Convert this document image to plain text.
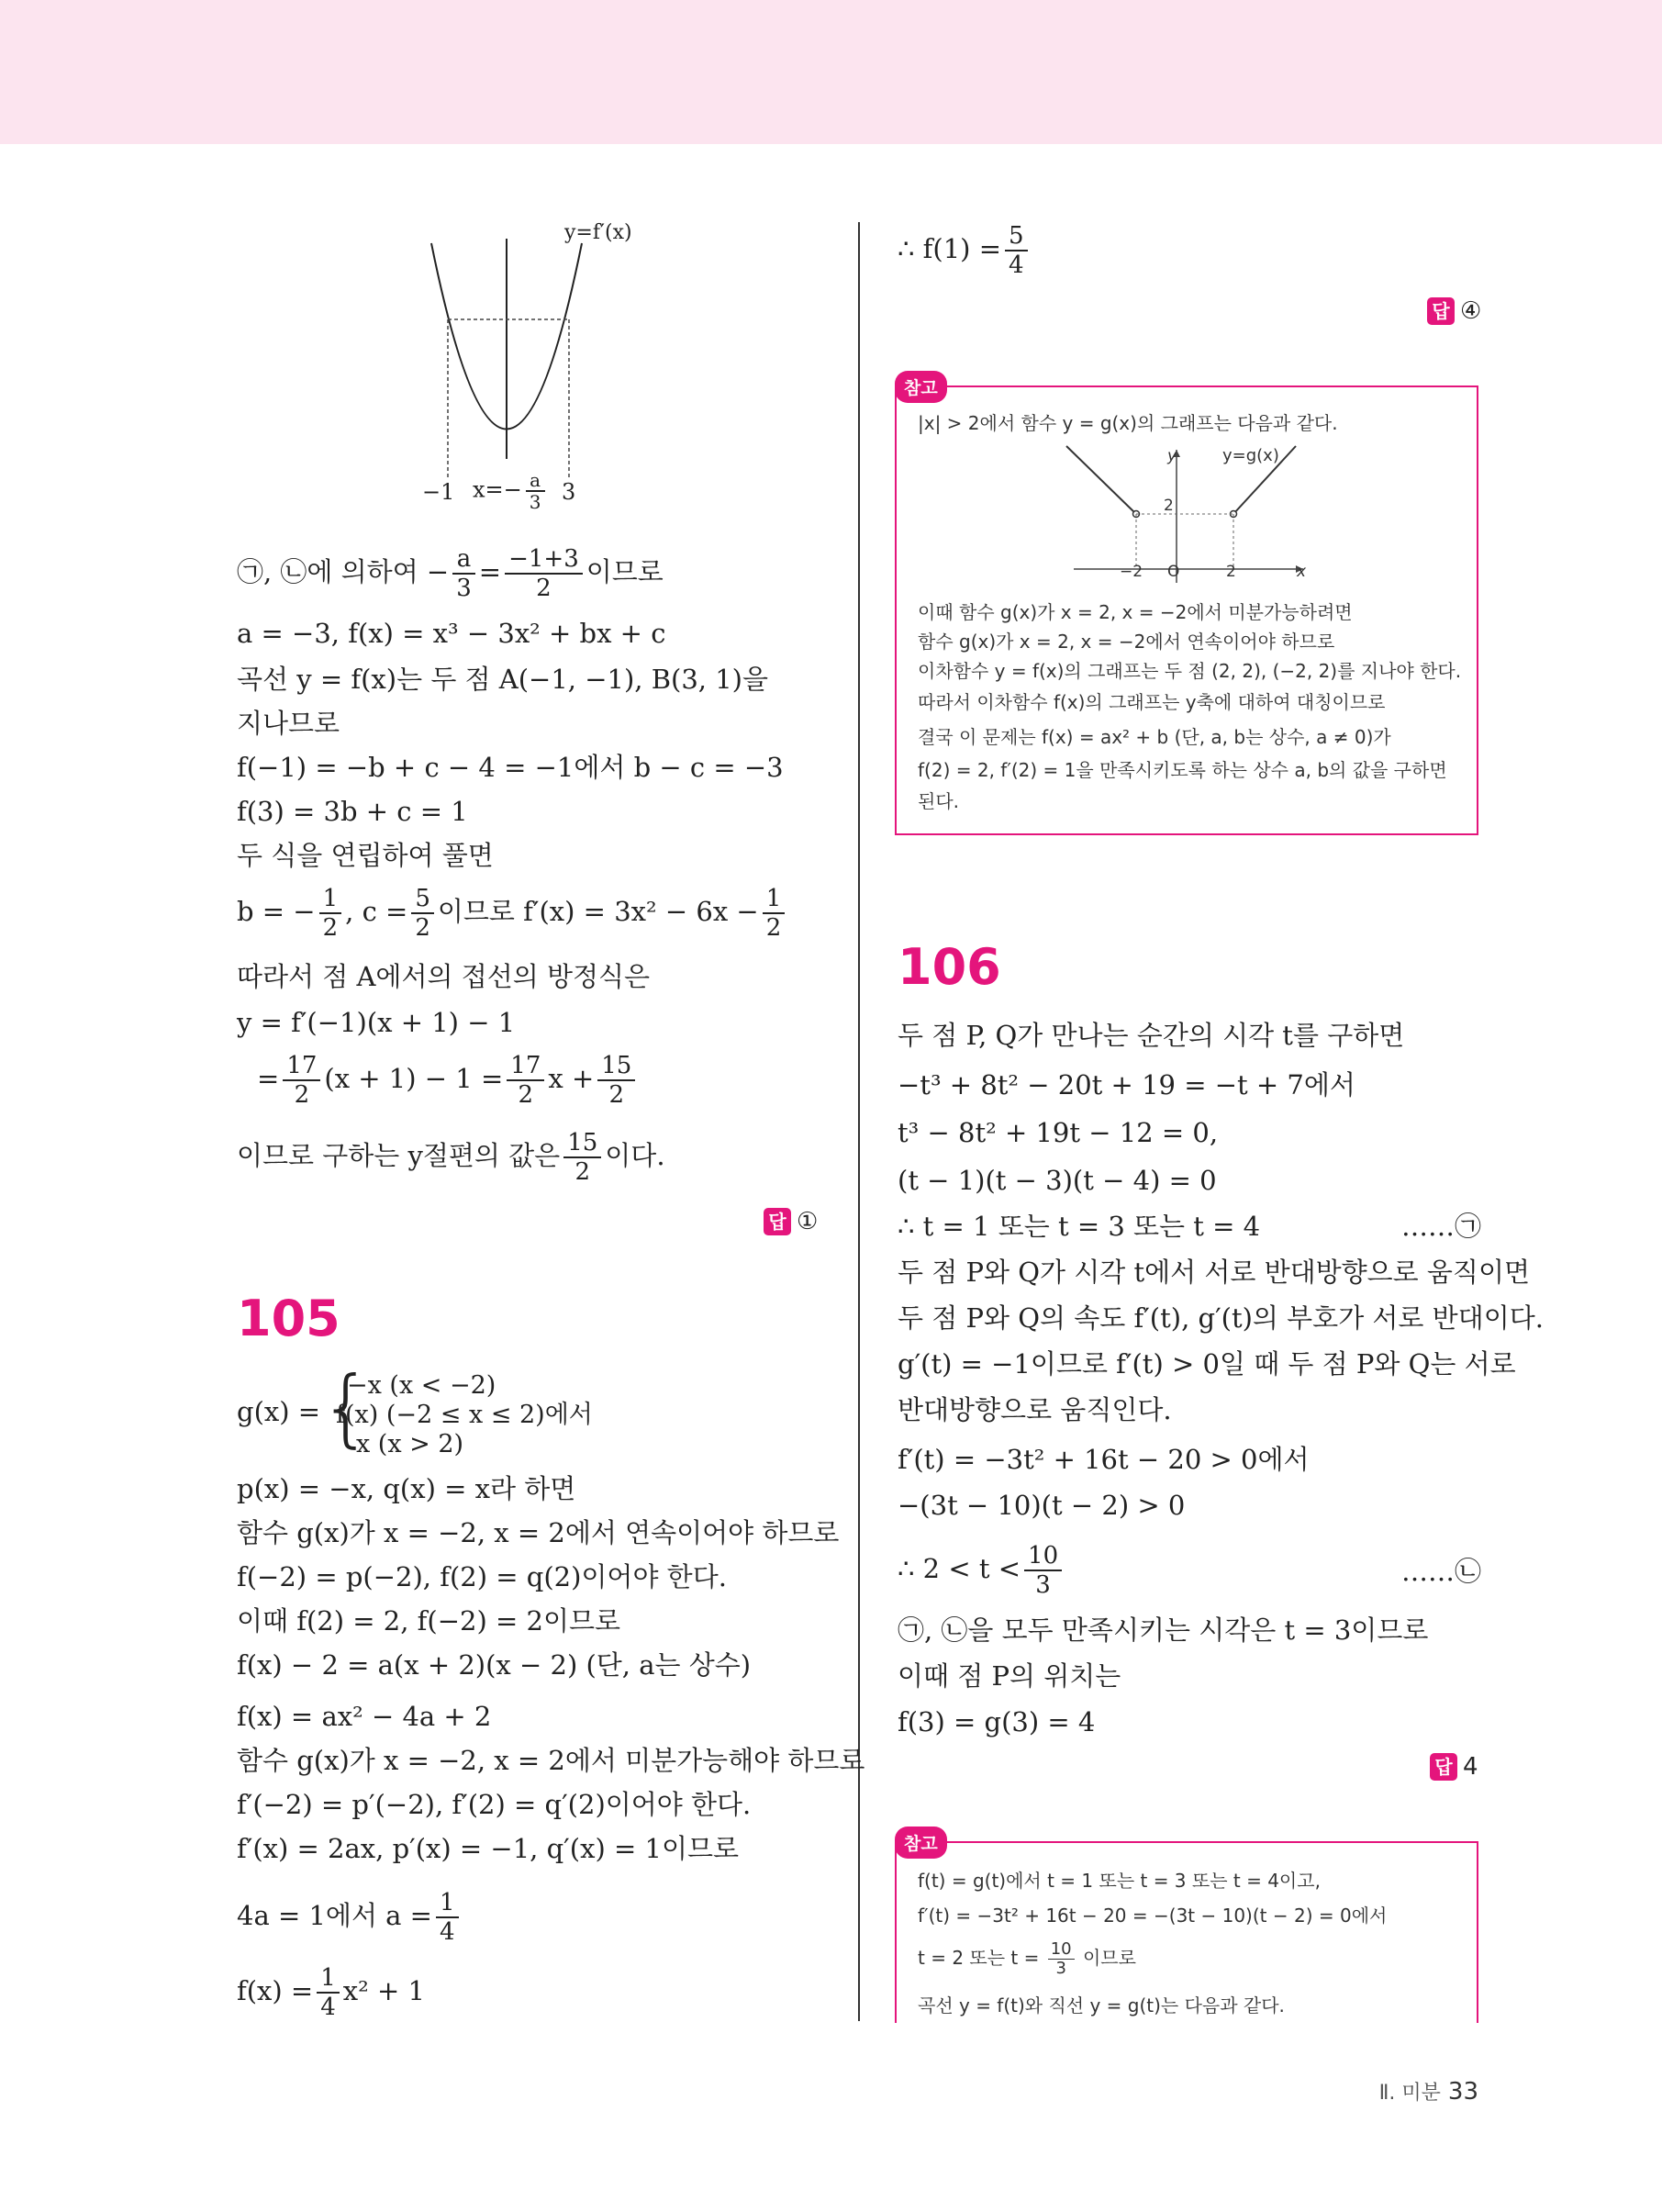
y=f′(x)
−1 $x=- \frac{a}{3} 3$
㉠, ㉡에 의하여 − $\frac{a}{3} = \frac{-1+3}{2}$ 이므로
a = −3, f(x) = x³ − 3x² + bx + c
곡선 y = f(x)는 두 점 A(−1, −1), B(3, 1)을
지나므로
f(−1) = −b + c − 4 = −1에서 b − c = −3
f(3) = 3b + c = 1
두 식을 연립하여 풀면
b = − $\frac{1}{2}$ , $c = \frac{5}{2}$ 이므로 $f'(x) = 3x^2 - 6x - \frac{1}{2}$
따라서 점 A에서의 접선의 방정식은
y = f′(−1)(x + 1) − 1
= $\frac{17}{2} (x + 1) - 1 = \frac{17}{2}$ $x + \frac{15}{2}$
이므로 구하는 y절편의 값은 $\frac{15}{2}$ 이다.
답 ①
105
g(x) =
{
−x (x < −2)
f(x) (−2 ≤ x ≤ 2)에서
x (x > 2)
p(x) = −x, q(x) = x라 하면
함수 g(x)가 x = −2, x = 2에서 연속이어야 하므로
f(−2) = p(−2), f(2) = q(2)이어야 한다.
이때 f(2) = 2, f(−2) = 2이므로
f(x) − 2 = a(x + 2)(x − 2) (단, a는 상수)
f(x) = ax² − 4a + 2
함수 g(x)가 x = −2, x = 2에서 미분가능해야 하므로
f′(−2) = p′(−2), f′(2) = q′(2)이어야 한다.
f′(x) = 2ax, p′(x) = −1, q′(x) = 1이므로
4a = 1에서 $a = \frac{1}{4}$
$f(x) = \frac{1}{4} x^2 + 1$
∴ $f(1) = \frac{5}{4}$
답 ④
참고
|x| > 2에서 함수 y = g(x)의 그래프는 다음과 같다.
y	y=g(x)
2
−2 O	2	x
이때 함수 g(x)가 x = 2, x = −2에서 미분가능하려면
함수 g(x)가 x = 2, x = −2에서 연속이어야 하므로
이차함수 y = f(x)의 그래프는 두 점 (2, 2), (−2, 2)를 지나야 한다.
따라서 이차함수 f(x)의 그래프는 y축에 대하여 대칭이므로
결국 이 문제는 f(x) = ax² + b (단, a, b는 상수, a ≠ 0)가
f(2) = 2, f′(2) = 1을 만족시키도록 하는 상수 a, b의 값을 구하면
된다.
106
두 점 P, Q가 만나는 순간의 시각 t를 구하면
−t³ + 8t² − 20t + 19 = −t + 7에서
t³ − 8t² + 19t − 12 = 0,
(t − 1)(t − 3)(t − 4) = 0
∴ t = 1 또는 t = 3 또는 t = 4	……㉠
두 점 P와 Q가 시각 t에서 서로 반대방향으로 움직이면
두 점 P와 Q의 속도 f′(t), g′(t)의 부호가 서로 반대이다.
g′(t) = −1이므로 f′(t) > 0일 때 두 점 P와 Q는 서로
반대방향으로 움직인다.
f′(t) = −3t² + 16t − 20 > 0에서
−(3t − 10)(t − 2) > 0
∴ $2 < t < \frac{10}{3}$	……㉡
㉠, ㉡을 모두 만족시키는 시각은 t = 3이므로
이때 점 P의 위치는
f(3) = g(3) = 4
답 4
참고
f(t) = g(t)에서 t = 1 또는 t = 3 또는 t = 4이고,
f′(t) = −3t² + 16t − 20 = −(3t − 10)(t − 2) = 0에서
t = 2 또는 $t = \frac{10}{3}$ 이므로
곡선 y = f(t)와 직선 y = g(t)는 다음과 같다.
Ⅱ. 미분 33
